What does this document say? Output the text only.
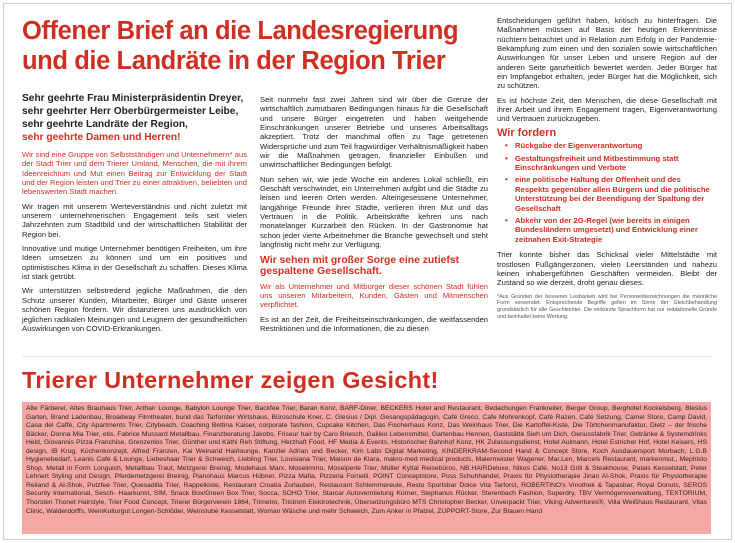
Offener Brief an die Landesregierung
und die Landräte in der Region Trier

Sehr geehrte Frau Ministerpräsidentin Dreyer,
sehr geehrter Herr Oberbürgermeister Leibe,
sehr geehrte Landräte der Region,
sehr geehrte Damen und Herren!

Wir sind eine Gruppe von Selbstständigen und Unternehmern* aus der Stadt Trier und dem Trierer Umland, Menschen, die mit ihrem Ideenreichtum und Mut einen Beitrag zur Entwicklung der Stadt und der Region leisten und Trier zu einer attraktiven, beliebten und lebenswerten Stadt machen.

Wir tragen mit unserem Werteverständnis und nicht zuletzt mit unserem unternehmerischen Engagement teils seit vielen Jahrzehnten zum Stadtbild und der wirtschaftlichen Stabilität der Region bei.

Innovative und mutige Unternehmer benötigen Freiheiten, um ihre Ideen umsetzen zu können und um ein positives und optimistisches Klima in der Gesellschaft zu schaffen. Dieses Klima ist stark getrübt.

Wir unterstützen selbstredend jegliche Maßnahmen, die den Schutz unserer Kunden, Mitarbeiter, Bürger und Gäste unserer schönen Region fördern. Wir distanzieren uns ausdrücklich von jeglichen radikalen Meinungen und Leugnern der gesundheitlichen Auswirkungen von COVID-Erkrankungen.

Seit nunmehr fast zwei Jahren sind wir über die Grenze der wirtschaftlich zumutbaren Bedingungen hinaus für die Gesellschaft und unsere Bürger eingetreten und haben weitgehende Einschränkungen unserer Betriebe und unseres Arbeitsalltags akzeptiert. Trotz der manchmal offen zu Tage getretenen Widersprüche und zum Teil fragwürdiger Verhältnismäßigkeit haben wir die Maßnahmen getragen, finanzieller Einbußen und unwirtschaftlicher Bedingungen befolgt.

Nun sehen wir, wie jede Woche ein anderes Lokal schließt, ein Geschäft verschwindet, ein Unternehmen aufgibt und die Städte zu leisen und leeren Orten werden. Alteingesessene Unternehmer, langjährige Freunde ihrer Städte, verlieren ihren Mut und das Vertrauen in die Politik. Arbeitskräfte kehren uns nach monatelanger Kurzarbeit den Rücken. In der Gastronomie hat schon jeder vierte Arbeitnehmer die Branche gewechselt und steht langfristig nicht mehr zur Verfügung.

Wir sehen mit großer Sorge eine zutiefst gespaltene Gesellschaft.

Wir als Unternehmer und Mitbürger dieser schönen Stadt fühlen uns unseren Mitarbeitern, Kunden, Gästen und Mitmenschen verpflichtet.

Es ist an der Zeit, die Freiheitseinschränkungen, die weitfassenden Restriktionen und die Informationen, die zu diesen

Entscheidungen geführt haben, kritisch zu hinterfragen. Die Maßnahmen müssen auf Basis der heutigen Erkenntnisse nüchtern betrachtet und in Relation zum Erfolg in der Pandemie-Bekämpfung zum einen und den sozialen sowie wirtschaftlichen Auswirkungen für unser Leben und unsere Region auf der anderen Seite ganzheitlich bewertet werden. Jeder Bürger hat ein Impfangebot erhalten, jeder Bürger hat die Möglichkeit, sich zu schützen.

Es ist höchste Zeit, den Menschen, die diese Gesellschaft mit ihrer Arbeit und ihrem Engagement tragen, Eigenverantwortung und Vertrauen zurückzugeben.

Wir fordern

• Rückgabe der Eigenverantwortung
• Gestaltungsfreiheit und Mitbestimmung statt Einschränkungen und Verbote
• eine politische Haltung der Offenheit und des Respekts gegenüber allen Bürgern und die politische Unterstützung bei der Beendigung der Spaltung der Gesellschaft
• Abkehr von der 2G-Regel (wie bereits in einigen Bundesländern umgesetzt) und Entwicklung einer zeitnahen Exit-Strategie

Trier konnte bisher das Schicksal vieler Mittelstädte mit trostlosen Fußgängerzonen, vielen Leerständen und nahezu keinen inhabergeführten Geschäften vermeiden. Bleibt der Zustand so wie derzeit, droht genau dieses.

*Aus Gründen der besseren Lesbarkeit wird bei Personenbezeichnungen die männliche Form verwendet. Entsprechende Begriffe gelten im Sinne der Gleichbehandlung grundsätzlich für alle Geschlechter. Die verkürzte Sprachform hat nur redaktionelle Gründe und beinhaltet keine Wertung.

Trierer Unternehmer zeigen Gesicht!
Alte Färberei, Altes Brauhaus Trier, Arthair Lounge, Babylon Lounge Trier, Backfee Trier, Baran Konz, BARF-Diner, BECKERS Hotel and Restaurant, Bedachungen Frankreiter, Berger Group, Berghotel Kockelsberg, Blesius Garten, Brand Ladenbau, Broadway Filmtheater, bund das Tarforster Wirtshaus, Büroschule Kner, C. Glesius / Dipl. Gesangspädagogin, Café Greco, Cafe Mohrenkopf, Café Razen, Café Setzung, Camel Store, Camp David, Casa del Caffè, City Apartments Trier, Citybeach, Coaching Bettina Kaiser, corporate fashion, Cupcake Kitchen, Das Fischerhaus Konz, Das Weinhaus Trier, Die Kartoffel-Kiste, Die Törtchenmanufaktur, Dietz – der frische Bäcker, Donna Mia Trier, etis, Fabrice Mussard Metallbau, Finanzberatung Jakobs, Friseur hair by Caro Briesch, Galileo Lebensmittel, Gartenbau Hennen, Gaststätte Sieh um Dich, Genussfabrik Trier, Getränke & Systemdrinks Held, Giovannis Pizza Franchise, Grenzenlos Trier, Günther und Käthi Reh Stiftung, Herzhaft Food, HF Media & Events, Historischer Bahnhof Konz, HK Zulassungsdienst, Hotel Aulmann, Hotel Estricher Hof, Hotel Keisers, HS design, IB Krug, Küchenkonzept, Alfred Franzen, Kai Weinand Hairlounge, Kanzlei Adrian und Becker, Kim Labs Digital Marketing, KINDERKRAM-Second Hand & Concept Store, Koch Ausdauersport Morbach, L.G.B Hygienebedarf, Leanis Café & Lounge, Liebeshaar Trier & Schweich, Liebling Trier, Louisiana Trier, Maison de Klara, makro-med medical products, Malermeister Wagener, Mar.Len, Marcels Restaurant, markenmut., Mephisto Shop, Metall in Form Longuich, Metallbau Traut, Metzgerei Breinig, Modehaus Marx, Moselimmo, Moselperle Trier, Müller Kyltal Reisebüros, NB.HAIRDeluxe, Nikos Café, No13 Grill & Steakhouse, Palais Kesselstatt, Peter Lehnert Styling und Design, Pferdemetzgerei Breinig, Pianohaus Marcus Hübner, Pizza Mafia, Pizzeria Fornelli, POINT Conceptstore, Poss Schuhhandel, Praxis für Physiotherapie Jinan Al-Shok, Praxis für Physiotherapie Reiland & Al-Shok, Putzfee Trier, Quesadilla Trier, Rappelkiste, Restaurant Croatia Zurlauben, Restaurant Schlemmereule, Resto Sportsbar Dolce Vita Tarforst, ROBERTINO's Vinothek & Tapasbar, Royal Donuts, SEROS Security International, Sesch- Haarkunst, SIM, Snack Box/Green Box Trier, Socca, SOHO Trier, Starcar Autovermietung Kürner, Stephanus Rücker, Sterenbach Fashion, Superdry, TBV Vermögensverwaltung, TEXTORIUM, Thorsten Thonet Hairstyle, Trier Food Concept, Trierer Bürgerverein 1864, Trimetro, Tristrom Elektrotechnik, Übersetzungsbüro MTS Christopher Becker, Unverpackt Trier, Viking Adventures®, Villa Weißhaus Restaurant, Vitas Clinic, Walderdorffs, WeinKulturgut Longen-Schlöder, Weinstube Kesselstatt, Woman Wäsche und mehr Schweich, Zum Anker in Pfalzel, ZUPPORT-Store, Zur Blauen Hand
